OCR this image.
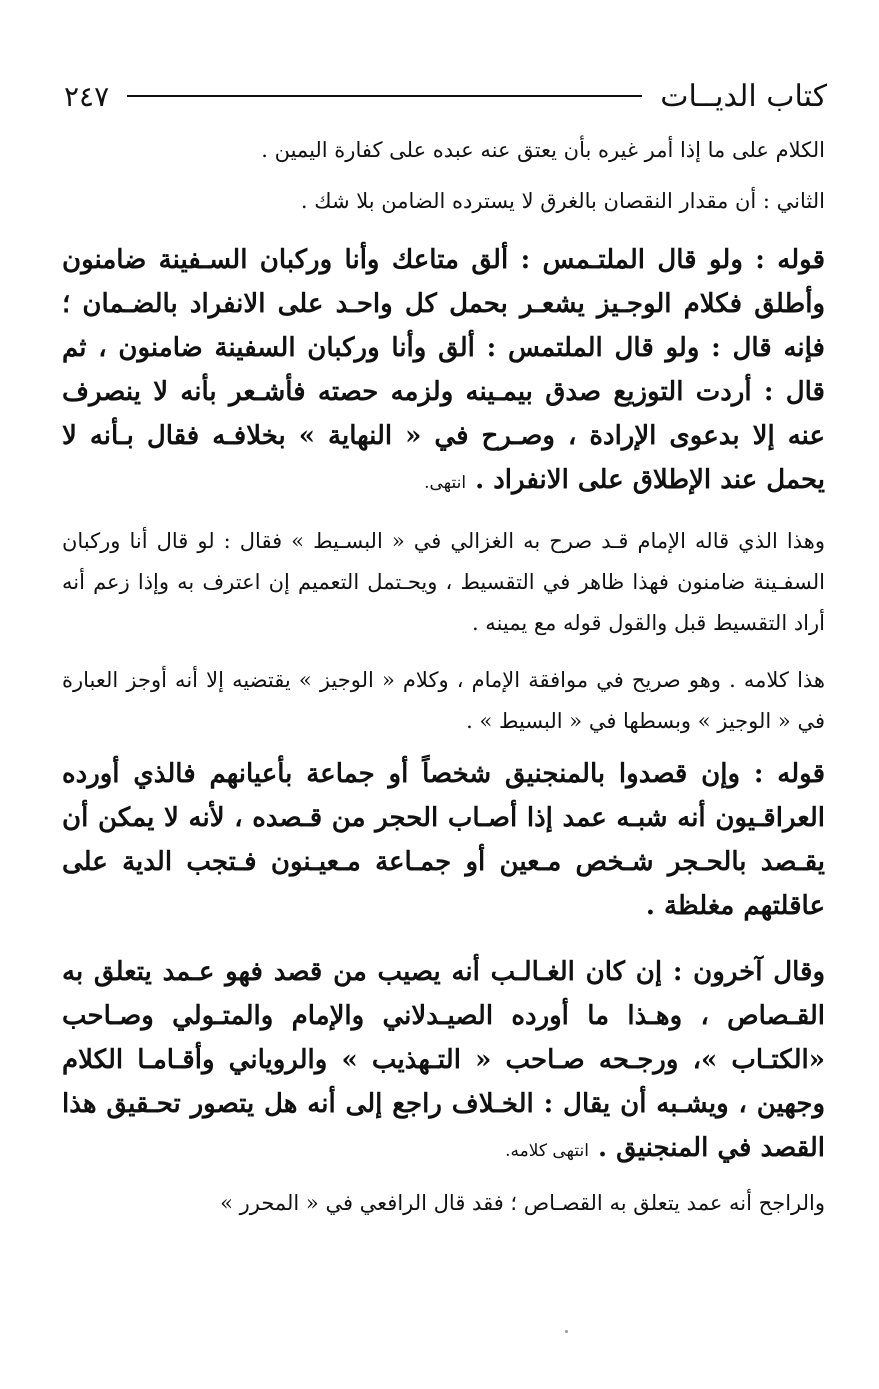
كتاب الديــات
٢٤٧

الكلام على ما إذا أمر غيره بأن يعتق عنه عبده على كفارة اليمين .

الثاني : أن مقدار النقصان بالغرق لا يسترده الضامن بلا شك .

قوله : ولو قال الملتـمس : ألق متاعك وأنا وركبان السـفينة ضامنون وأطلق فكلام الوجـيز يشعـر بحمل كل واحـد على الانفراد بالضـمان ؛ فإنه قال : ولو قال الملتمس : ألق وأنا وركبان السفينة ضامنون ، ثم قال : أردت التوزيع صدق بيمـينه ولزمه حصته فأشـعر بأنه لا ينصرف عنه إلا بدعوى الإرادة ، وصـرح في « النهاية » بخلافـه فقال بـأنه لا يحمل عند الإطلاق على الانفراد . انتهى.

وهذا الذي قاله الإمام قـد صرح به الغزالي في « البسـيط » فقال : لو قال أنا وركبان السفـينة ضامنون فهذا ظاهر في التقسيط ، ويحـتمل التعميم إن اعترف به وإذا زعم أنه أراد التقسيط قبل والقول قوله مع يمينه .

هذا كلامه . وهو صريح في موافقة الإمام ، وكلام « الوجيز » يقتضيه إلا أنه أوجز العبارة في « الوجيز » وبسطها في « البسيط » .

قوله : وإن قصدوا بالمنجنيق شخصاً أو جماعة بأعيانهم فالذي أورده العراقـيون أنه شبـه عمد إذا أصـاب الحجر من قـصده ، لأنه لا يمكن أن يقـصد بالحـجر شـخص مـعين أو جمـاعة مـعيـنون فـتجب الدية على عاقلتهم مغلظة .

وقال آخرون : إن كان الغـالـب أنه يصيب من قصد فهو عـمد يتعلق به القـصاص ، وهـذا ما أورده الصيـدلاني والإمام والمتـولي وصـاحب «الكتـاب »، ورجـحه صـاحب « التـهذيب » والروياني وأقـامـا الكلام وجهين ، ويشـبه أن يقال : الخـلاف راجع إلى أنه هل يتصور تحـقيق هذا القصد في المنجنيق . انتهى كلامه.

والراجح أنه عمد يتعلق به القصـاص ؛ فقد قال الرافعي في « المحرر »
